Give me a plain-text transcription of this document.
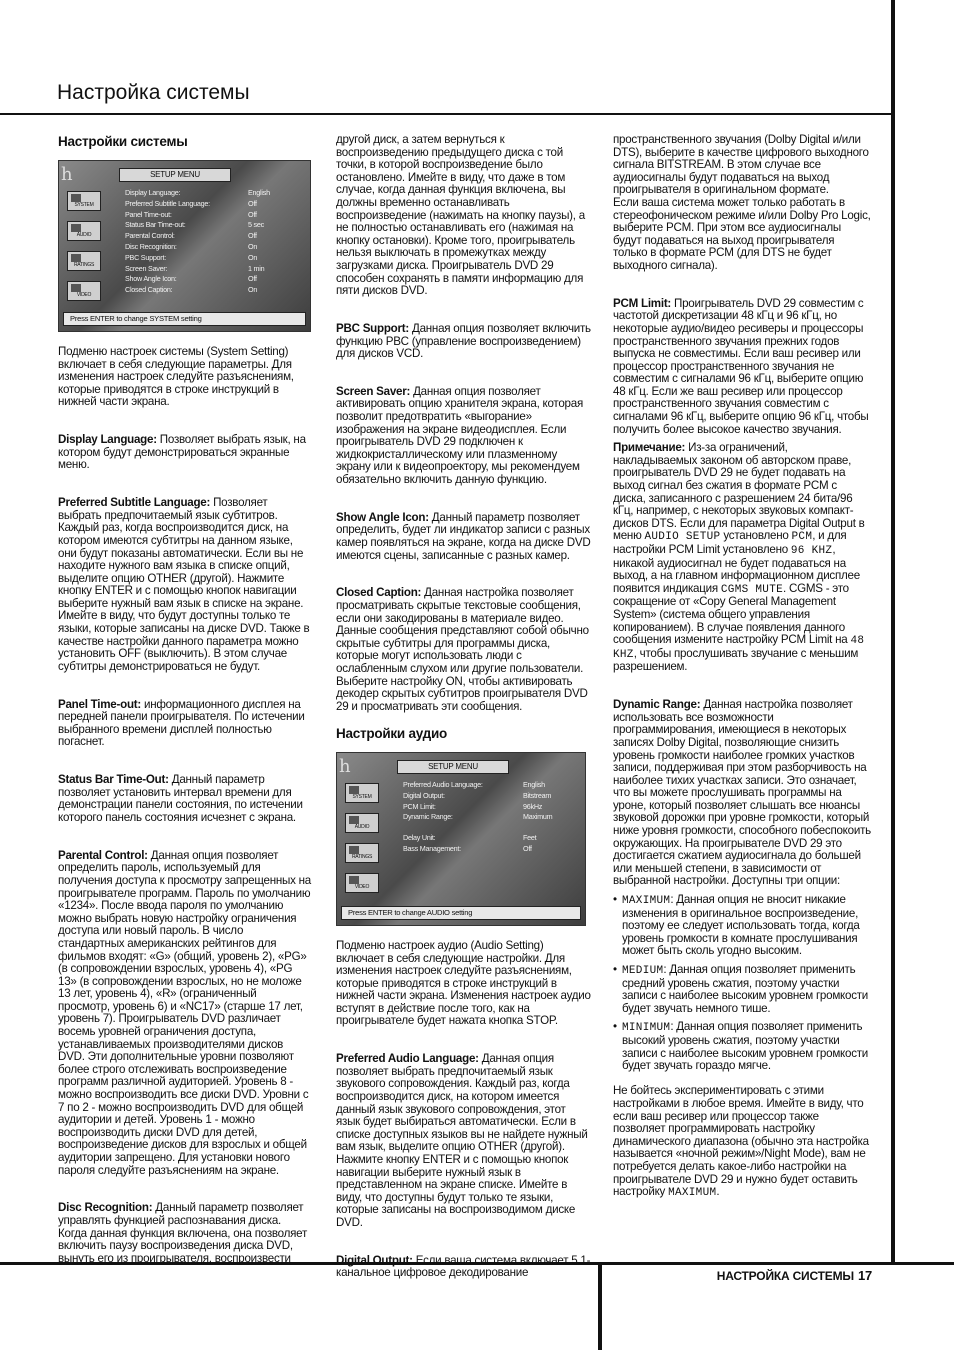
Настройка системы
НАСТРОЙКА СИСТЕМЫ 17
Настройки системы
h	SETUP MENU
SYSTEM
AUDIO
RATINGS
VIDEO
Display Language:	English
Preferred Subtitle Language:	Off
Panel Time-out:	Off
Status Bar Time-out:	5 sec
Parental Control:	Off
Disc Recognition:	On
PBC Support:	On
Screen Saver:	1 min
Show Angle Icon:	Off
Closed Caption:	On
Press ENTER to change SYSTEM setting

Подменю настроек системы (System Setting) включает в себя следующие параметры. Для изменения настроек следуйте разъяснениям, которые приводятся в строке инструкций в нижней части экрана.

Display Language: Позволяет выбрать язык, на котором будут демонстрироваться экранные меню.

Preferred Subtitle Language: Позволяет выбрать предпочитаемый язык субтитров. Каждый раз, когда воспроизводится диск, на котором имеются субтитры на данном языке, они будут показаны автоматически. Если вы не находите нужного вам языка в списке опций, выделите опцию OTHER (другой). Нажмите кнопку ENTER и с помощью кнопок навигации выберите нужный вам язык в списке на экране. Имейте в виду, что будут доступны только те языки, которые записаны на диске DVD. Также в качестве настройки данного параметра можно установить OFF (выключить). В этом случае субтитры демонстрироваться не будут.

Panel Time-out: информационного дисплея на передней панели проигрывателя. По истечении выбранного времени дисплей полностью погаснет.

Status Bar Time-Out: Данный параметр позволяет установить интервал времени для демонстрации панели состояния, по истечении которого панель состояния исчезнет с экрана.

Parental Control: Данная опция позволяет определить пароль, используемый для получения доступа к просмотру запрещенных на проигрывателе программ. Пароль по умолчанию «1234». После ввода пароля по умолчанию можно выбрать новую настройку ограничения доступа или новый пароль. В число стандартных американских рейтингов для фильмов входят: «G» (общий, уровень 2), «PG» (в сопровождении взрослых, уровень 4), «PG 13» (в сопровождении взрослых, но не моложе 13 лет, уровень 4), «R» (ограниченный просмотр, уровень 6) и «NC17» (старше 17 лет, уровень 7). Проигрыватель DVD различает восемь уровней ограничения доступа, устанавливаемых производителями дисков DVD. Эти дополнительные уровни позволяют более строго отслеживать воспроизведение программ различной аудиторией. Уровень 8 - можно воспроизводить все диски DVD. Уровни с 7 по 2 - можно воспроизводить DVD для общей аудитории и детей. Уровень 1 - можно воспроизводить диски DVD для детей, воспроизведение дисков для взрослых и общей аудитории запрещено. Для установки нового пароля следуйте разъяснениям на экране.

Disc Recognition: Данный параметр позволяет управлять функцией распознавания диска. Когда данная функция включена, она позволяет включить паузу воспроизведения диска DVD, вынуть его из проигрывателя, воспроизвести

другой диск, а затем вернуться к воспроизведению предыдущего диска с той точки, в которой воспроизведение было остановлено. Имейте в виду, что даже в том случае, когда данная функция включена, вы должны временно останавливать воспроизведение (нажимать на кнопку паузы), а не полностью останавливать его (нажимая на кнопку остановки). Кроме того, проигрыватель нельзя выключать в промежутках между загрузками диска. Проигрыватель DVD 29 способен сохранять в памяти информацию для пяти дисков DVD.

PBC Support: Данная опция позволяет включить функцию PBC (управление воспроизведением) для дисков VCD.

Screen Saver: Данная опция позволяет активировать опцию хранителя экрана, которая позволит предотвратить «выгорание» изображения на экране видеодисплея. Если проигрыватель DVD 29 подключен к жидкокристаллическому или плазменному экрану или к видеопроектору, мы рекомендуем обязательно включить данную функцию.

Show Angle Icon: Данный параметр позволяет определить, будет ли индикатор записи с разных камер появляться на экране, когда на диске DVD имеются сцены, записанные с разных камер.

Closed Caption: Данная настройка позволяет просматривать скрытые текстовые сообщения, если они закодированы в материале видео. Данные сообщения представляют собой обычно скрытые субтитры для программы диска, которые могут использовать люди с ослабленным слухом или другие пользователи. Выберите настройку ON, чтобы активировать декодер скрытых субтитров проигрывателя DVD 29 и просматривать эти сообщения.

Настройки аудио
h	SETUP MENU
SYSTEM
AUDIO
RATINGS
VIDEO
Preferred Audio Language:	English
Digital Output:	Bitstream
PCM Limit:	96kHz
Dynamic Range:	Maximum
Delay Unit:	Feet
Bass Management:	Off
Press ENTER to change AUDIO setting

Подменю настроек аудио (Audio Setting) включает в себя следующие настройки. Для изменения настроек следуйте разъяснениям, которые приводятся в строке инструкций в нижней части экрана. Изменения настроек аудио вступят в действие после того, как на проигрывателе будет нажата кнопка STOP.

Preferred Audio Language: Данная опция позволяет выбрать предпочитаемый язык звукового сопровождения. Каждый раз, когда воспроизводится диск, на котором имеется данный язык звукового сопровождения, этот язык будет выбираться автоматически. Если в списке доступных языков вы не найдете нужный вам язык, выделите опцию OTHER (другой). Нажмите кнопку ENTER и с помощью кнопок навигации выберите нужный язык в представленном на экране списке. Имейте в виду, что доступны будут только те языки, которые записаны на воспроизводимом диске DVD.

Digital Output: Если ваша система включает 5.1-канальное цифровое декодирование

пространственного звучания (Dolby Digital и/или DTS), выберите в качестве цифрового выходного сигнала BITSTREAM. В этом случае все аудиосигналы будут подаваться на выход проигрывателя в оригинальном формате.

Если ваша система может только работать в стереофоническом режиме и/или Dolby Pro Logic, выберите PCM. При этом все аудиосигналы будут подаваться на выход проигрывателя только в формате PCM (для DTS не будет выходного сигнала).

PCM Limit: Проигрыватель DVD 29 совместим с частотой дискретизации 48 кГц и 96 кГц, но некоторые аудио/видео ресиверы и процессоры пространственного звучания прежних годов выпуска не совместимы. Если ваш ресивер или процессор пространственного звучания не совместим с сигналами 96 кГц, выберите опцию 48 кГц. Если же ваш ресивер или процессор пространственного звучания совместим с сигналами 96 кГц, выберите опцию 96 кГц, чтобы получить более высокое качество звучания.

Примечание: Из-за ограничений, накладываемых законом об авторском праве, проигрыватель DVD 29 не будет подавать на выход сигнал без сжатия в формате PCM с диска, записанного с разрешением 24 бита/96 кГц, например, с некоторых звуковых компакт-дисков DTS. Если для параметра Digital Output в меню AUDIO SETUP установлено PCM, и для настройки PCM Limit установлено 96 KHZ, никакой аудиосигнал не будет подаваться на выход, а на главном информационном дисплее появится индикация CGMS MUTE. CGMS - это сокращение от «Copy General Management System» (система общего управления копированием). В случае появления данного сообщения измените настройку PCM Limit на 48 KHZ, чтобы прослушивать звучание с меньшим разрешением.

Dynamic Range: Данная настройка позволяет использовать все возможности программирования, имеющиеся в некоторых записях Dolby Digital, позволяющие снизить уровень громкости наиболее громких участков записи, поддерживая при этом разборчивость на наиболее тихих участках записи. Это означает, что вы можете прослушивать программы на уроне, который позволяет слышать все нюансы звуковой дорожки при уровне громкости, который ниже уровня громкости, способного побеспокоить окружающих. На проигрывателе DVD 29 это достигается сжатием аудиосигнала до большей или меньшей степени, в зависимости от выбранной настройки. Доступны три опции:

• MAXIMUM: Данная опция не вносит никакие изменения в оригинальное воспроизведение, поэтому ее следует использовать тогда, когда уровень громкости в комнате прослушивания может быть сколь угодно высоким.
• MEDIUM: Данная опция позволяет применить средний уровень сжатия, поэтому участки записи с наиболее высоким уровнем громкости будет звучать немного тише.
• MINIMUM: Данная опция позволяет применить высокий уровень сжатия, поэтому участки записи с наиболее высоким уровнем громкости будет звучать гораздо мягче.

Не бойтесь экспериментировать с этими настройками в любое время. Имейте в виду, что если ваш ресивер или процессор также позволяет программировать настройку динамического диапазона (обычно эта настройка называется «ночной режим»/Night Mode), вам не потребуется делать какое-либо настройки на проигрывателе DVD 29 и нужно будет оставить настройку MAXIMUM.
